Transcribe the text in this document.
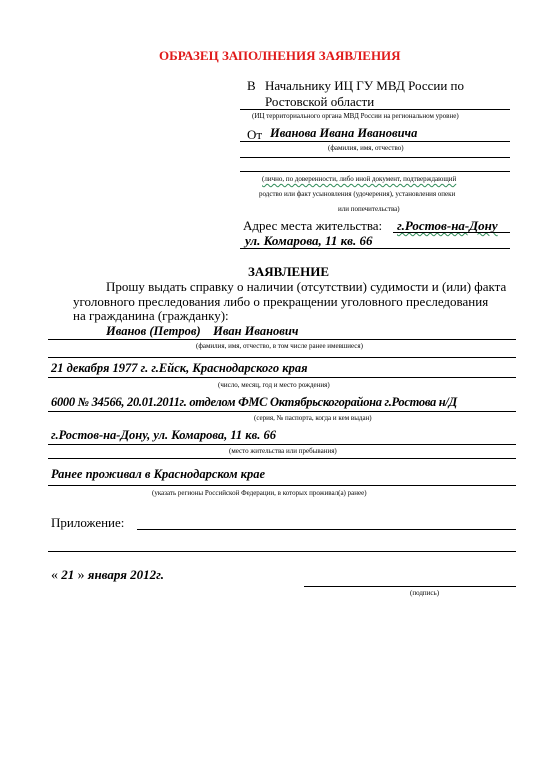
ОБРАЗЕЦ ЗАПОЛНЕНИЯ ЗАЯВЛЕНИЯ
В Начальнику ИЦ ГУ МВД России по
Ростовской области
(ИЦ территориального органа МВД России на региональном уровне)
От Иванова Ивана Ивановича
(фамилия, имя, отчество)
(лично, по доверенности, либо иной документ, подтверждающий
родство или факт усыновления (удочерения), установления опеки
или попечительства)
Адрес места жительства: г.Ростов-на-Дону
ул. Комарова, 11 кв. 66
ЗАЯВЛЕНИЕ
Прошу выдать справку о наличии (отсутствии) судимости и (или) факта
уголовного преследования либо о прекращении уголовного преследования
на гражданина (гражданку):
Иванов (Петров)    Иван Иванович
(фамилия, имя, отчество, в том числе ранее имевшиеся)
21 декабря 1977 г. г.Ейск, Краснодарского края
(число, месяц, год и место рождения)
6000 № 34566, 20.01.2011г. отделом ФМС Октябрьскогорайона г.Ростова н/Д
(серия, № паспорта, когда и кем выдан)
г.Ростов-на-Дону, ул. Комарова, 11 кв. 66
(место жительства или пребывания)
Ранее проживал в Краснодарском крае
(указать регионы Российской Федерации, в которых проживал(а) ранее)
Приложение:
« 21 » января 2012г.
(подпись)
